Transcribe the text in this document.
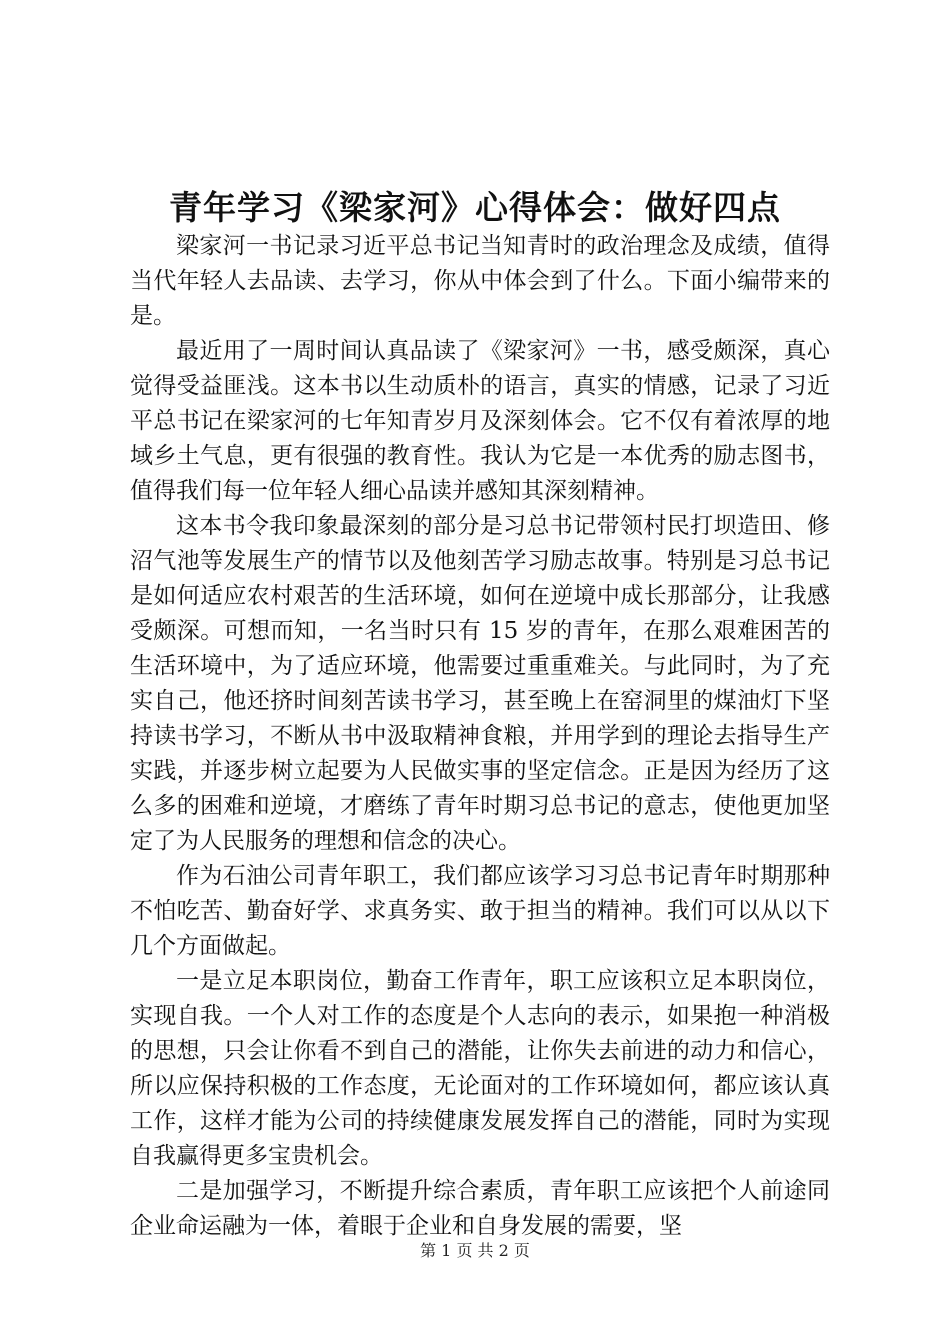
青年学习《梁家河》心得体会：做好四点

梁家河一书记录习近平总书记当知青时的政治理念及成绩，值得当代年轻人去品读、去学习，你从中体会到了什么。下面小编带来的是。

最近用了一周时间认真品读了《梁家河》一书，感受颇深，真心觉得受益匪浅。这本书以生动质朴的语言，真实的情感，记录了习近平总书记在梁家河的七年知青岁月及深刻体会。它不仅有着浓厚的地域乡土气息，更有很强的教育性。我认为它是一本优秀的励志图书，值得我们每一位年轻人细心品读并感知其深刻精神。

这本书令我印象最深刻的部分是习总书记带领村民打坝造田、修沼气池等发展生产的情节以及他刻苦学习励志故事。特别是习总书记是如何适应农村艰苦的生活环境，如何在逆境中成长那部分，让我感受颇深。可想而知，一名当时只有 15 岁的青年，在那么艰难困苦的生活环境中，为了适应环境，他需要过重重难关。与此同时，为了充实自己，他还挤时间刻苦读书学习，甚至晚上在窑洞里的煤油灯下坚持读书学习，不断从书中汲取精神食粮，并用学到的理论去指导生产实践，并逐步树立起要为人民做实事的坚定信念。正是因为经历了这么多的困难和逆境，才磨练了青年时期习总书记的意志，使他更加坚定了为人民服务的理想和信念的决心。

作为石油公司青年职工，我们都应该学习习总书记青年时期那种不怕吃苦、勤奋好学、求真务实、敢于担当的精神。我们可以从以下几个方面做起。

一是立足本职岗位，勤奋工作青年，职工应该积立足本职岗位，实现自我。一个人对工作的态度是个人志向的表示，如果抱一种消极的思想，只会让你看不到自己的潜能，让你失去前进的动力和信心，所以应保持积极的工作态度，无论面对的工作环境如何，都应该认真工作，这样才能为公司的持续健康发展发挥自己的潜能，同时为实现自我赢得更多宝贵机会。

二是加强学习，不断提升综合素质，青年职工应该把个人前途同企业命运融为一体，着眼于企业和自身发展的需要，坚

第 1 页 共 2 页
